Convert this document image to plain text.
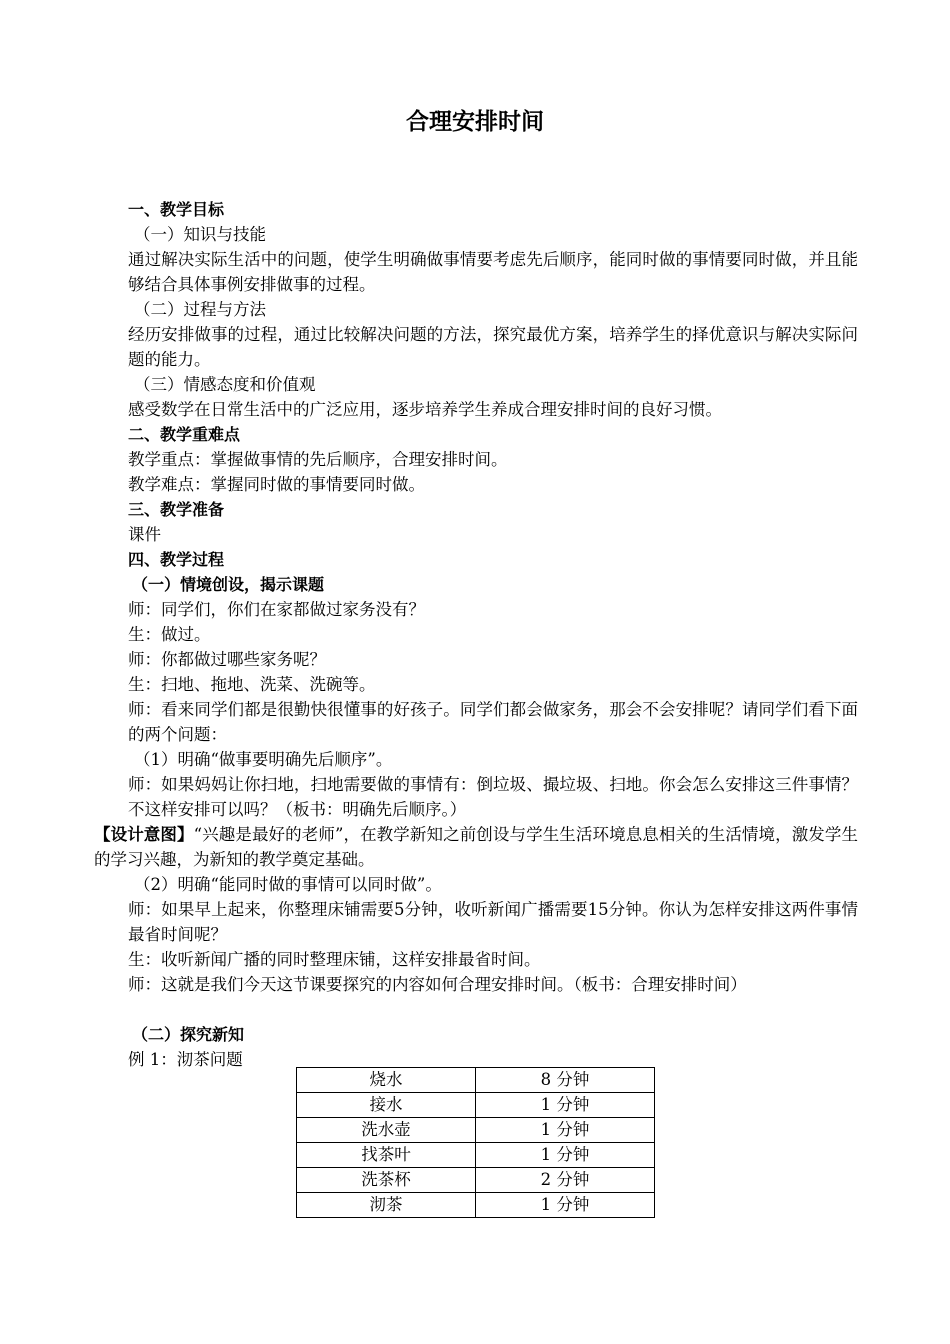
合理安排时间

一、教学目标

（一）知识与技能

通过解决实际生活中的问题，使学生明确做事情要考虑先后顺序，能同时做的事情要同时做，并且能够结合具体事例安排做事的过程。

（二）过程与方法

经历安排做事的过程，通过比较解决问题的方法，探究最优方案，培养学生的择优意识与解决实际问题的能力。

（三）情感态度和价值观

感受数学在日常生活中的广泛应用，逐步培养学生养成合理安排时间的良好习惯。

二、教学重难点

教学重点：掌握做事情的先后顺序，合理安排时间。

教学难点：掌握同时做的事情要同时做。

三、教学准备

课件

四、教学过程

（一）情境创设，揭示课题

师：同学们，你们在家都做过家务没有？

生：做过。

师：你都做过哪些家务呢？

生：扫地、拖地、洗菜、洗碗等。

师：看来同学们都是很勤快很懂事的好孩子。同学们都会做家务，那会不会安排呢？请同学们看下面的两个问题：

（1）明确“做事要明确先后顺序”。

师：如果妈妈让你扫地，扫地需要做的事情有：倒垃圾、撮垃圾、扫地。你会怎么安排这三件事情？不这样安排可以吗？（板书：明确先后顺序。）

【设计意图】“兴趣是最好的老师”，在教学新知之前创设与学生生活环境息息相关的生活情境，激发学生的学习兴趣，为新知的教学奠定基础。

（2）明确“能同时做的事情可以同时做”。

师：如果早上起来，你整理床铺需要5分钟，收听新闻广播需要15分钟。你认为怎样安排这两件事情最省时间呢？

生：收听新闻广播的同时整理床铺，这样安排最省时间。

师：这就是我们今天这节课要探究的内容如何合理安排时间。（板书：合理安排时间）

（二）探究新知

例 1：沏茶问题

烧水	8 分钟
接水	1 分钟
洗水壶	1 分钟
找茶叶	1 分钟
洗茶杯	2 分钟
沏茶	1 分钟
